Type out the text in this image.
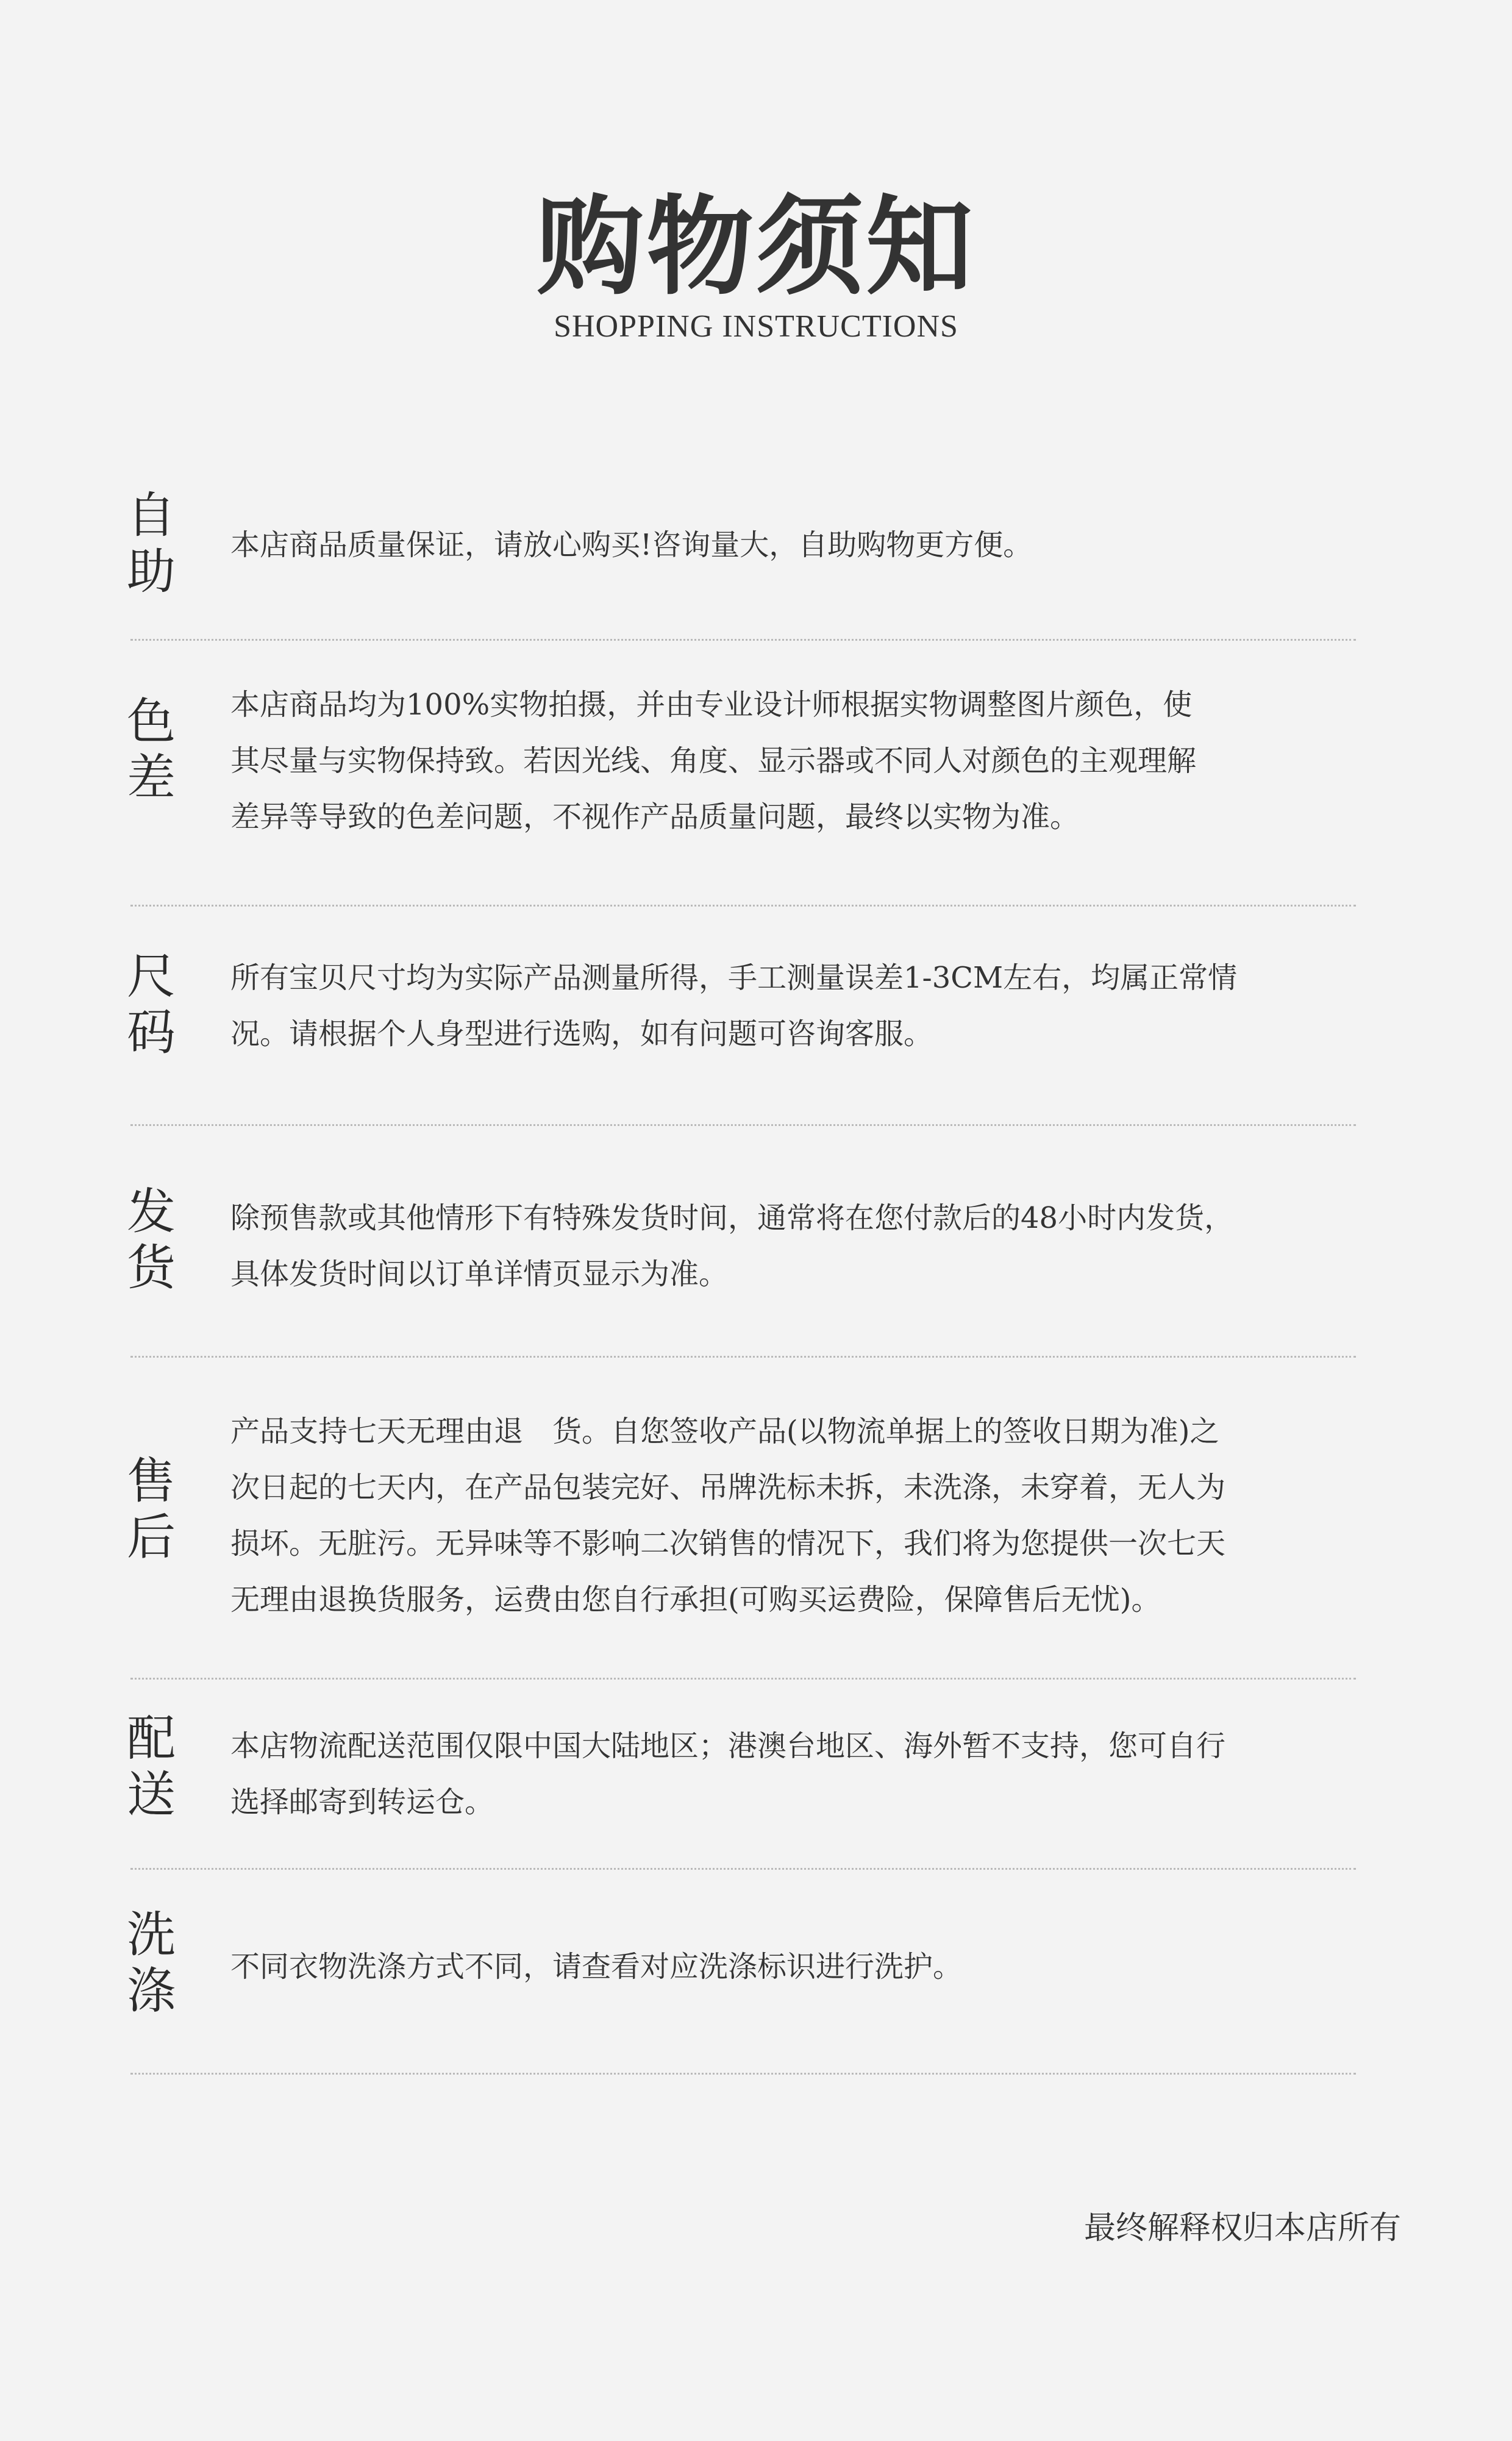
购物须知
SHOPPING INSTRUCTIONS
自
助 本店商品质量保证，请放心购买!咨询量大，自助购物更方便。

色
差

本店商品均为100%实物拍摄，并由专业设计师根据实物调整图片颜色，使

其尽量与实物保持致。若因光线、角度、显示器或不同人对颜色的主观理解

差异等导致的色差问题，不视作产品质量问题，最终以实物为准。

尺
码

所有宝贝尺寸均为实际产品测量所得，手工测量误差1-3CM左右，均属正常情

况。请根据个人身型进行选购，如有问题可咨询客服。

发
货

除预售款或其他情形下有特殊发货时间，通常将在您付款后的48小时内发货，

具体发货时间以订单详情页显示为准。

售
后

产品支持七天无理由退　货。自您签收产品(以物流单据上的签收日期为准)之

次日起的七天内，在产品包装完好、吊牌洗标未拆，未洗涤，未穿着，无人为

损坏。无脏污。无异味等不影响二次销售的情况下，我们将为您提供一次七天

无理由退换货服务，运费由您自行承担(可购买运费险，保障售后无忧)。

配
送

本店物流配送范围仅限中国大陆地区；港澳台地区、海外暂不支持，您可自行

选择邮寄到转运仓。

洗
涤 不同衣物洗涤方式不同，请查看对应洗涤标识进行洗护。

最终解释权归本店所有
